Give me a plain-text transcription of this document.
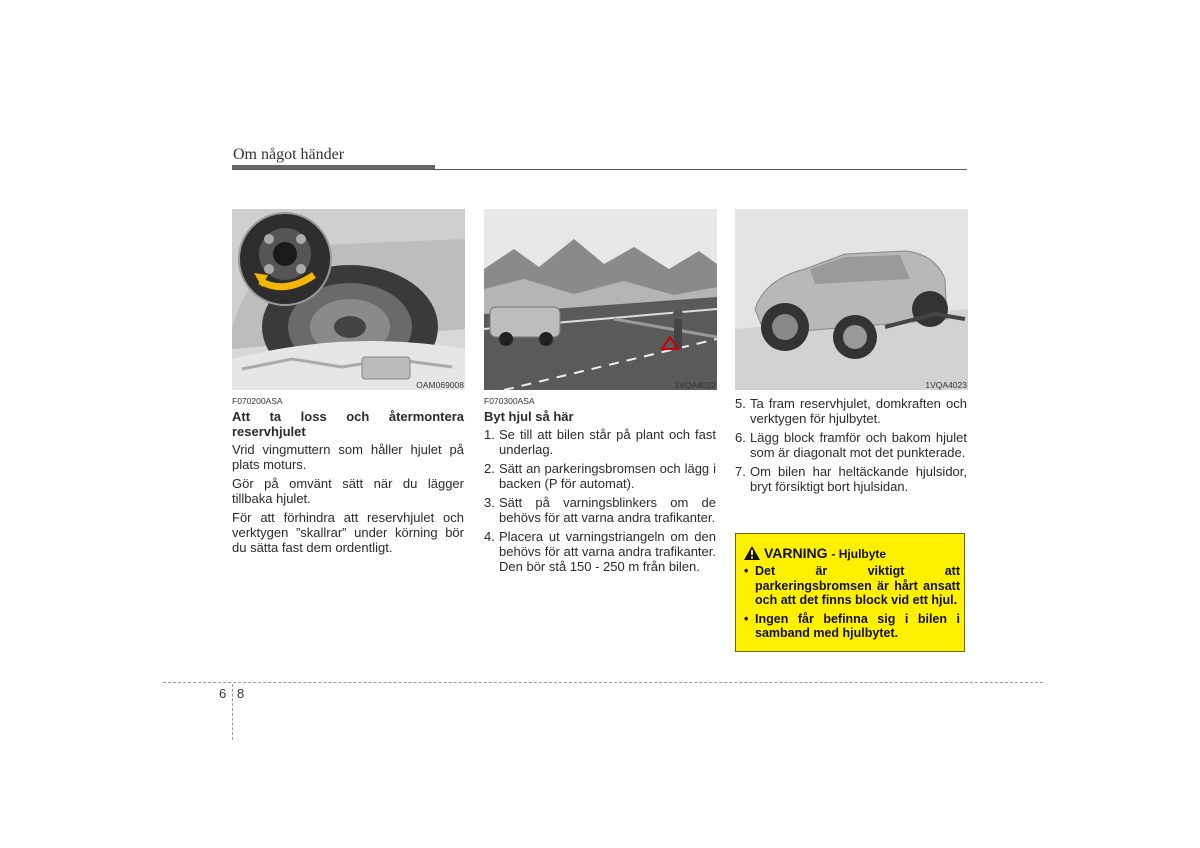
Om något händer
OAM069008	1VQA4022	1VQA4023
F070200ASA
Att ta loss och återmontera reservhjulet

Vrid vingmuttern som håller hjulet på plats moturs.

Gör på omvänt sätt när du lägger tillbaka hjulet.

För att förhindra att reservhjulet och verktygen ”skallrar” under körning bör du sätta fast dem ordentligt.

F070300ASA
Byt hjul så här
1. Se till att bilen står på plant och fast underlag.
2. Sätt an parkeringsbromsen och lägg i backen (P för automat).
3. Sätt på varningsblinkers om de behövs för att varna andra trafikanter.
4. Placera ut varningstriangeln om den behövs för att varna andra trafikanter. Den bör stå 150 - 250 m från bilen.
5. Ta fram reservhjulet, domkraften och verktygen för hjulbytet.
6. Lägg block framför och bakom hjulet som är diagonalt mot det punkterade.
7. Om bilen har heltäckande hjulsidor, bryt försiktigt bort hjulsidan.
VARNING - Hjulbyte
• Det är viktigt att parkeringsbromsen är hårt ansatt och att det finns block vid ett hjul.
• Ingen får befinna sig i bilen i samband med hjulbytet.
6 8
